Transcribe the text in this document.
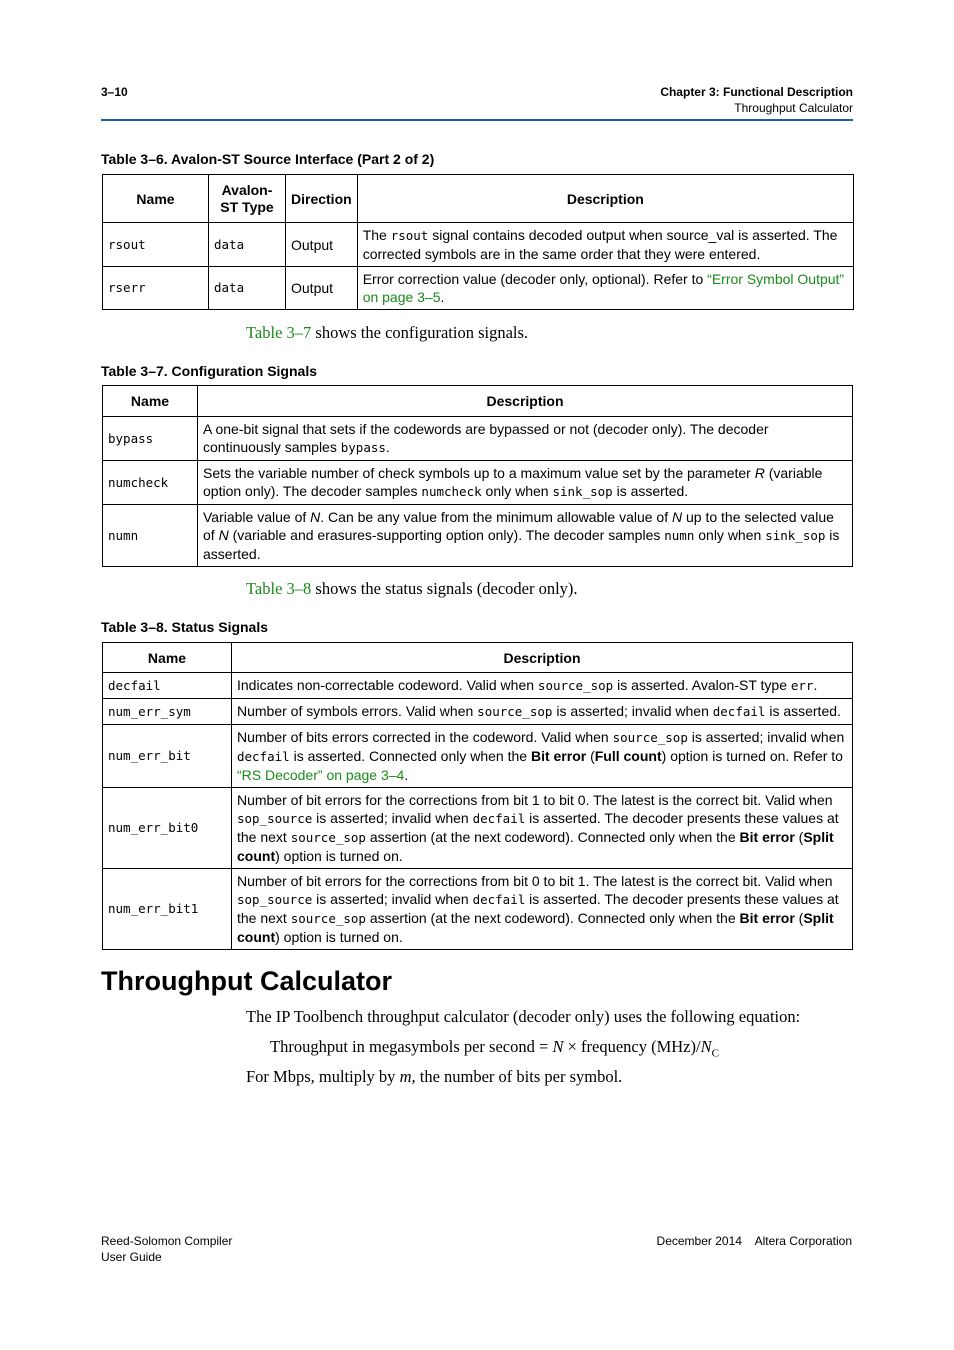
3–10	Chapter 3: Functional Description
Throughput Calculator
Table 3–6. Avalon-ST Source Interface (Part 2 of 2)
Name	Avalon-ST Type	Direction	Description
rsout	data	Output	The rsout signal contains decoded output when source_val is asserted. The corrected symbols are in the same order that they were entered.
rserr	data	Output	Error correction value (decoder only, optional). Refer to “Error Symbol Output” on page 3–5.
Table 3–7 shows the configuration signals.
Table 3–7. Configuration Signals
Name	Description
bypass	A one-bit signal that sets if the codewords are bypassed or not (decoder only). The decoder continuously samples bypass.
numcheck	Sets the variable number of check symbols up to a maximum value set by the parameter R (variable option only). The decoder samples numcheck only when sink_sop is asserted.
numn	Variable value of N. Can be any value from the minimum allowable value of N up to the selected value of N (variable and erasures-supporting option only). The decoder samples numn only when sink_sop is asserted.
Table 3–8 shows the status signals (decoder only).
Table 3–8. Status Signals
Name	Description
decfail	Indicates non-correctable codeword. Valid when source_sop is asserted. Avalon-ST type err.
num_err_sym	Number of symbols errors. Valid when source_sop is asserted; invalid when decfail is asserted.
num_err_bit	Number of bits errors corrected in the codeword. Valid when source_sop is asserted; invalid when decfail is asserted. Connected only when the Bit error (Full count) option is turned on. Refer to “RS Decoder” on page 3–4.
num_err_bit0	Number of bit errors for the corrections from bit 1 to bit 0. The latest is the correct bit. Valid when sop_source is asserted; invalid when decfail is asserted. The decoder presents these values at the next source_sop assertion (at the next codeword). Connected only when the Bit error (Split count) option is turned on.
num_err_bit1	Number of bit errors for the corrections from bit 0 to bit 1. The latest is the correct bit. Valid when sop_source is asserted; invalid when decfail is asserted. The decoder presents these values at the next source_sop assertion (at the next codeword). Connected only when the Bit error (Split count) option is turned on.
Throughput Calculator
The IP Toolbench throughput calculator (decoder only) uses the following equation:
Throughput in megasymbols per second = N × frequency $(MHz)/N_C$
For Mbps, multiply by m, the number of bits per symbol.
Reed-Solomon Compiler
User Guide
December 2014    Altera Corporation
